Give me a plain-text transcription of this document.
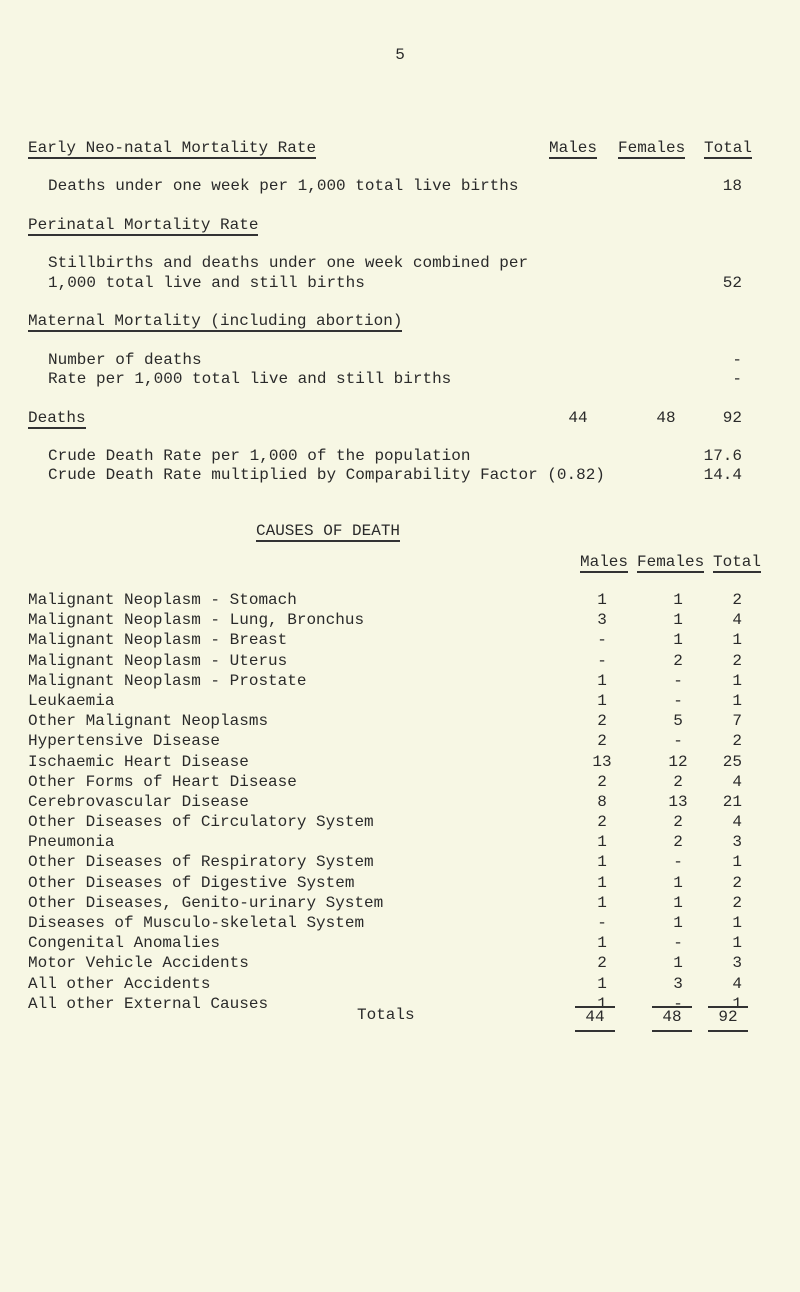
5
Early Neo-natal Mortality Rate	Males Females Total
Deaths under one week per 1,000 total live births	18
Perinatal Mortality Rate
Stillbirths and deaths under one week combined per
1,000 total live and still births	52
Maternal Mortality (including abortion)
Number of deaths	-
Rate per 1,000 total live and still births	-
Deaths	44	48	92
Crude Death Rate per 1,000 of the population	17.6
Crude Death Rate multiplied by Comparability Factor (0.82)	14.4
CAUSES OF DEATH
Males Females Total
Malignant Neoplasm - Stomach	1	1	2
Malignant Neoplasm - Lung, Bronchus	3	1	4
Malignant Neoplasm - Breast	-	1	1
Malignant Neoplasm - Uterus	-	2	2
Malignant Neoplasm - Prostate	1	-	1
Leukaemia	1	-	1
Other Malignant Neoplasms	2	5	7
Hypertensive Disease	2	-	2
Ischaemic Heart Disease	13	12	25
Other Forms of Heart Disease	2	2	4
Cerebrovascular Disease	8	13	21
Other Diseases of Circulatory System	2	2	4
Pneumonia	1	2	3
Other Diseases of Respiratory System	1	-	1
Other Diseases of Digestive System	1	1	2
Other Diseases, Genito-urinary System	1	1	2
Diseases of Musculo-skeletal System	-	1	1
Congenital Anomalies	1	-	1
Motor Vehicle Accidents	2	1	3
All other Accidents	1	3	4
All other External Causes	1	-	1
Totals	44	48	92
